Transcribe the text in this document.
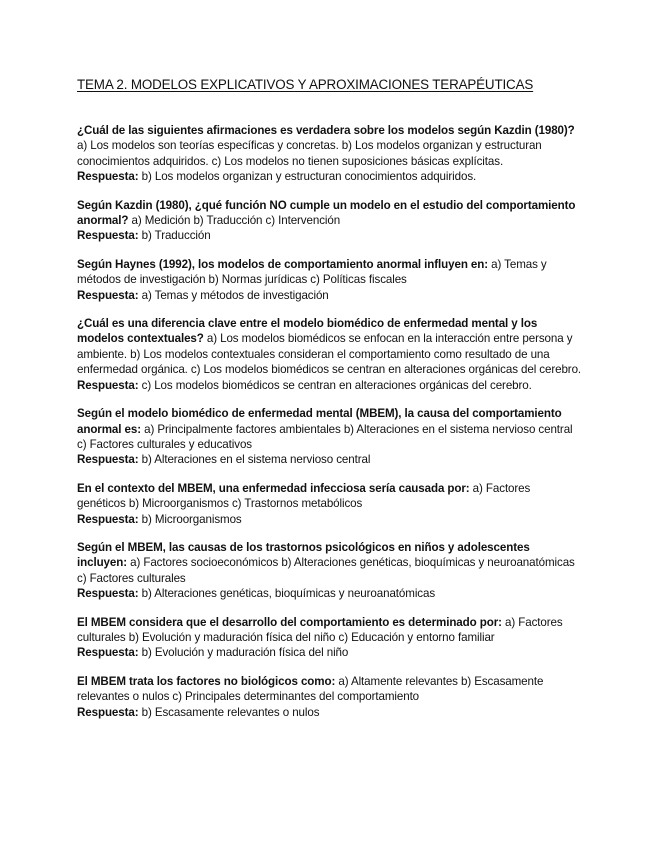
TEMA 2. MODELOS EXPLICATIVOS Y APROXIMACIONES TERAPÉUTICAS

¿Cuál de las siguientes afirmaciones es verdadera sobre los modelos según Kazdin (1980)? a) Los modelos son teorías específicas y concretas. b) Los modelos organizan y estructuran conocimientos adquiridos. c) Los modelos no tienen suposiciones básicas explícitas.

Respuesta: b) Los modelos organizan y estructuran conocimientos adquiridos.

Según Kazdin (1980), ¿qué función NO cumple un modelo en el estudio del comportamiento anormal? a) Medición b) Traducción c) Intervención

Respuesta: b) Traducción

Según Haynes (1992), los modelos de comportamiento anormal influyen en: a) Temas y métodos de investigación b) Normas jurídicas c) Políticas fiscales

Respuesta: a) Temas y métodos de investigación

¿Cuál es una diferencia clave entre el modelo biomédico de enfermedad mental y los modelos contextuales? a) Los modelos biomédicos se enfocan en la interacción entre persona y ambiente. b) Los modelos contextuales consideran el comportamiento como resultado de una enfermedad orgánica. c) Los modelos biomédicos se centran en alteraciones orgánicas del cerebro.

Respuesta: c) Los modelos biomédicos se centran en alteraciones orgánicas del cerebro.

Según el modelo biomédico de enfermedad mental (MBEM), la causa del comportamiento anormal es: a) Principalmente factores ambientales b) Alteraciones en el sistema nervioso central c) Factores culturales y educativos

Respuesta: b) Alteraciones en el sistema nervioso central

En el contexto del MBEM, una enfermedad infecciosa sería causada por: a) Factores genéticos b) Microorganismos c) Trastornos metabólicos

Respuesta: b) Microorganismos

Según el MBEM, las causas de los trastornos psicológicos en niños y adolescentes incluyen: a) Factores socioeconómicos b) Alteraciones genéticas, bioquímicas y neuroanatómicas c) Factores culturales

Respuesta: b) Alteraciones genéticas, bioquímicas y neuroanatómicas

El MBEM considera que el desarrollo del comportamiento es determinado por: a) Factores culturales b) Evolución y maduración física del niño c) Educación y entorno familiar

Respuesta: b) Evolución y maduración física del niño

El MBEM trata los factores no biológicos como: a) Altamente relevantes b) Escasamente relevantes o nulos c) Principales determinantes del comportamiento

Respuesta: b) Escasamente relevantes o nulos
